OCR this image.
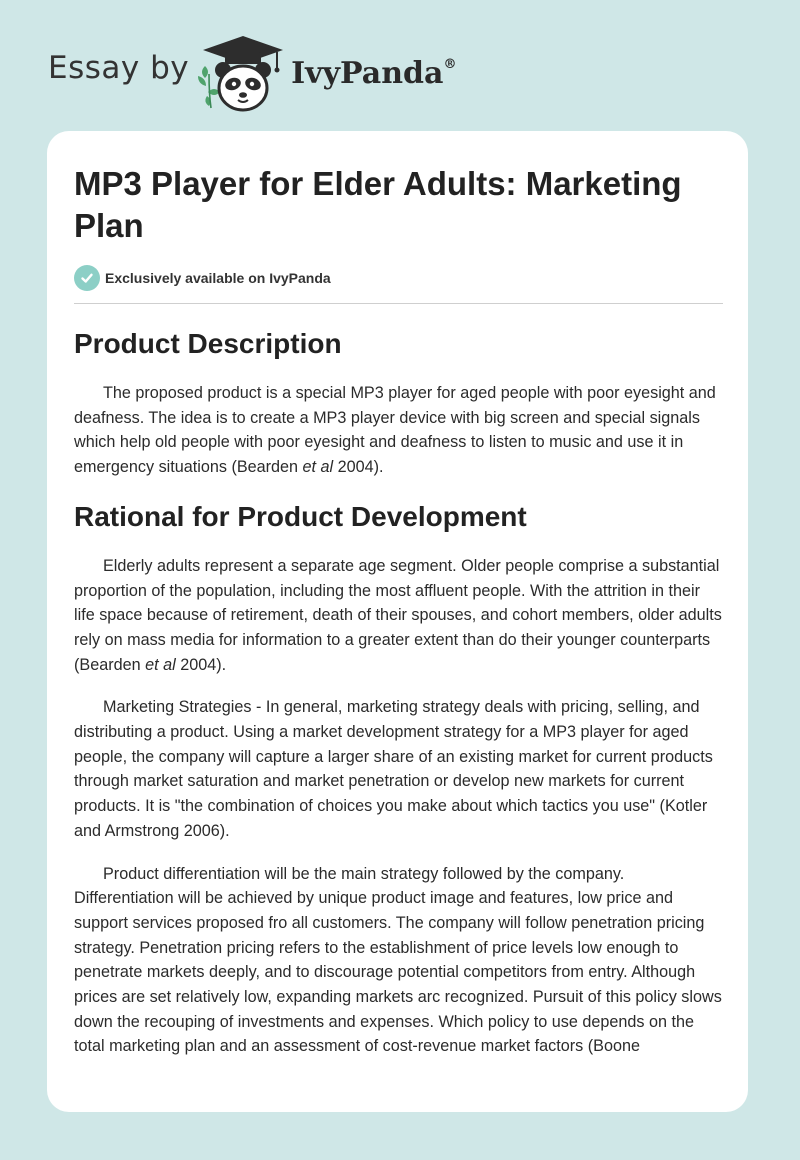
Essay by	IvyPanda®
MP3 Player for Elder Adults: Marketing Plan
Exclusively available on IvyPanda
Product Description

The proposed product is a special MP3 player for aged people with poor eyesight and deafness. The idea is to create a MP3 player device with big screen and special signals which help old people with poor eyesight and deafness to listen to music and use it in emergency situations (Bearden et al 2004).

Rational for Product Development

Elderly adults represent a separate age segment. Older people comprise a substantial proportion of the population, including the most affluent people. With the attrition in their life space because of retirement, death of their spouses, and cohort members, older adults rely on mass media for information to a greater extent than do their younger counterparts (Bearden et al 2004).

Marketing Strategies - In general, marketing strategy deals with pricing, selling, and distributing a product. Using a market development strategy for a MP3 player for aged people, the company will capture a larger share of an existing market for current products through market saturation and market penetration or develop new markets for current products. It is "the combination of choices you make about which tactics you use" (Kotler and Armstrong 2006).

Product differentiation will be the main strategy followed by the company. Differentiation will be achieved by unique product image and features, low price and support services proposed fro all customers. The company will follow penetration pricing strategy. Penetration pricing refers to the establishment of price levels low enough to penetrate markets deeply, and to discourage potential competitors from entry. Although prices are set relatively low, expanding markets arc recognized. Pursuit of this policy slows down the recouping of investments and expenses. Which policy to use depends on the total marketing plan and an assessment of cost-revenue market factors (Boone
